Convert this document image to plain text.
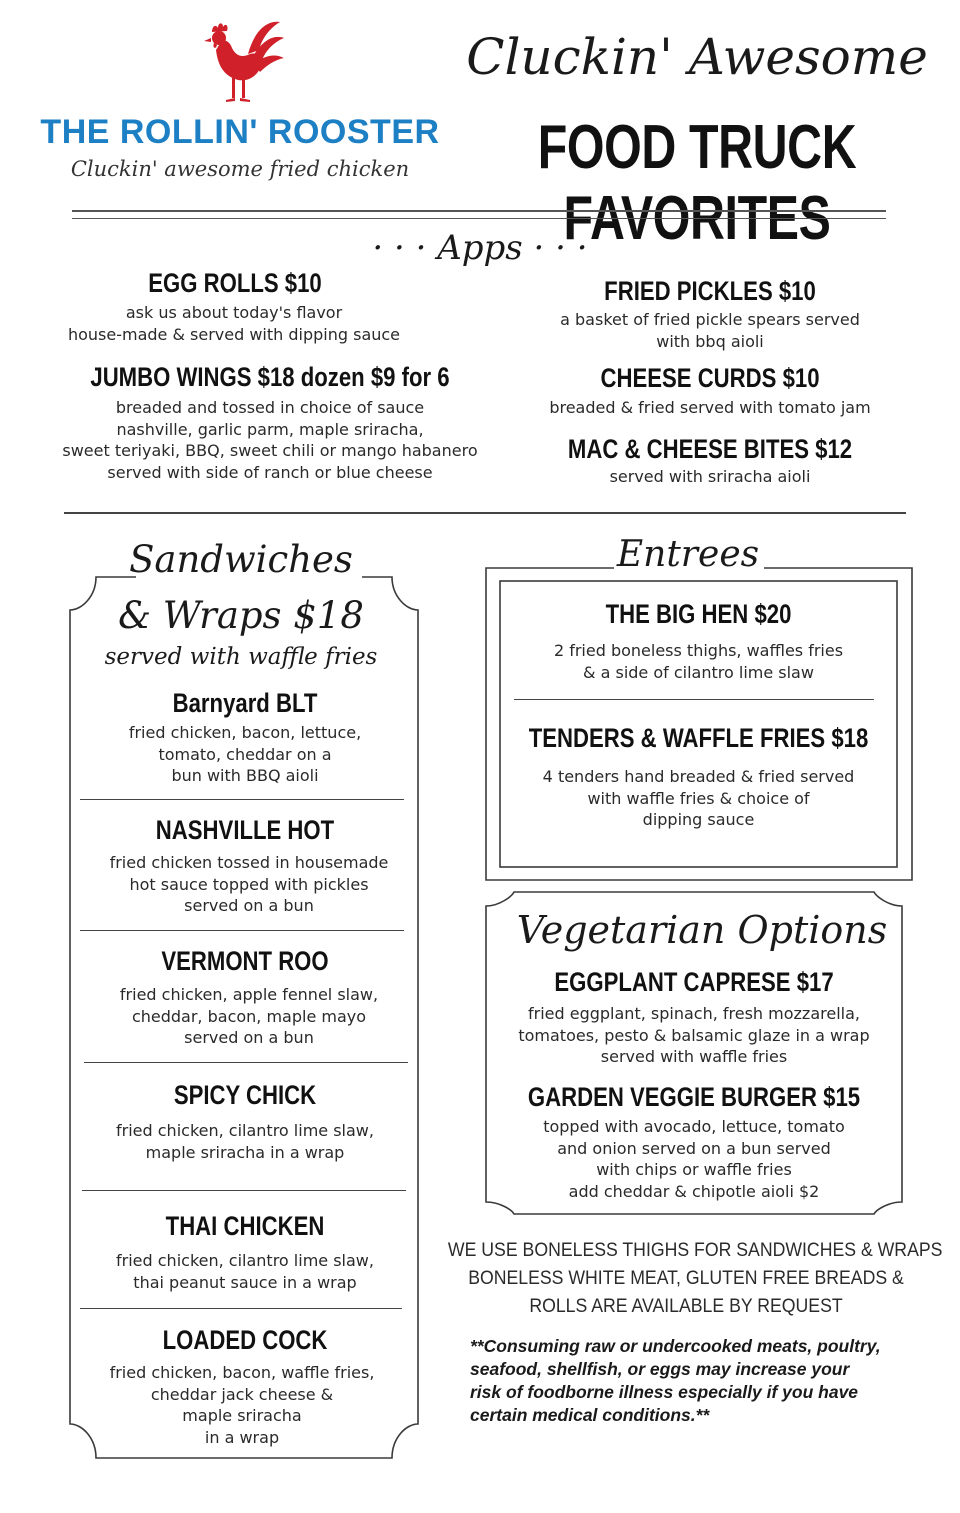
THE ROLLIN' ROOSTER
Cluckin' awesome fried chicken
Cluckin' Awesome
FOOD TRUCK FAVORITES
· · · Apps · · ·
EGG ROLLS $10
ask us about today's flavor
house-made & served with dipping sauce
JUMBO WINGS $18 dozen $9 for 6
breaded and tossed in choice of sauce
nashville, garlic parm, maple sriracha,
sweet teriyaki, BBQ, sweet chili or mango habanero
served with side of ranch or blue cheese
FRIED PICKLES $10
a basket of fried pickle spears served
with bbq aioli
CHEESE CURDS $10
breaded & fried served with tomato jam
MAC & CHEESE BITES $12
served with sriracha aioli
Sandwiches
& Wraps $18
served with waffle fries
Barnyard BLT
fried chicken, bacon, lettuce,
tomato, cheddar on a
bun with BBQ aioli
NASHVILLE HOT
fried chicken tossed in housemade
hot sauce topped with pickles
served on a bun
VERMONT ROO
fried chicken, apple fennel slaw,
cheddar, bacon, maple mayo
served on a bun
SPICY CHICK
fried chicken, cilantro lime slaw,
maple sriracha in a wrap
THAI CHICKEN
fried chicken, cilantro lime slaw,
thai peanut sauce in a wrap
LOADED COCK
fried chicken, bacon, waffle fries,
cheddar jack cheese &
maple sriracha
in a wrap
Entrees
THE BIG HEN $20
2 fried boneless thighs, waffles fries
& a side of cilantro lime slaw
TENDERS & WAFFLE FRIES $18
4 tenders hand breaded & fried served
with waffle fries & choice of
dipping sauce
Vegetarian Options
EGGPLANT CAPRESE $17
fried eggplant, spinach, fresh mozzarella,
tomatoes, pesto & balsamic glaze in a wrap
served with waffle fries
GARDEN VEGGIE BURGER $15
topped with avocado, lettuce, tomato
and onion served on a bun served
with chips or waffle fries
add cheddar & chipotle aioli $2
WE USE BONELESS THIGHS FOR SANDWICHES & WRAPS
BONELESS WHITE MEAT, GLUTEN FREE BREADS &
ROLLS ARE AVAILABLE BY REQUEST
**Consuming raw or undercooked meats, poultry,
seafood, shellfish, or eggs may increase your
risk of foodborne illness especially if you have
certain medical conditions.**
